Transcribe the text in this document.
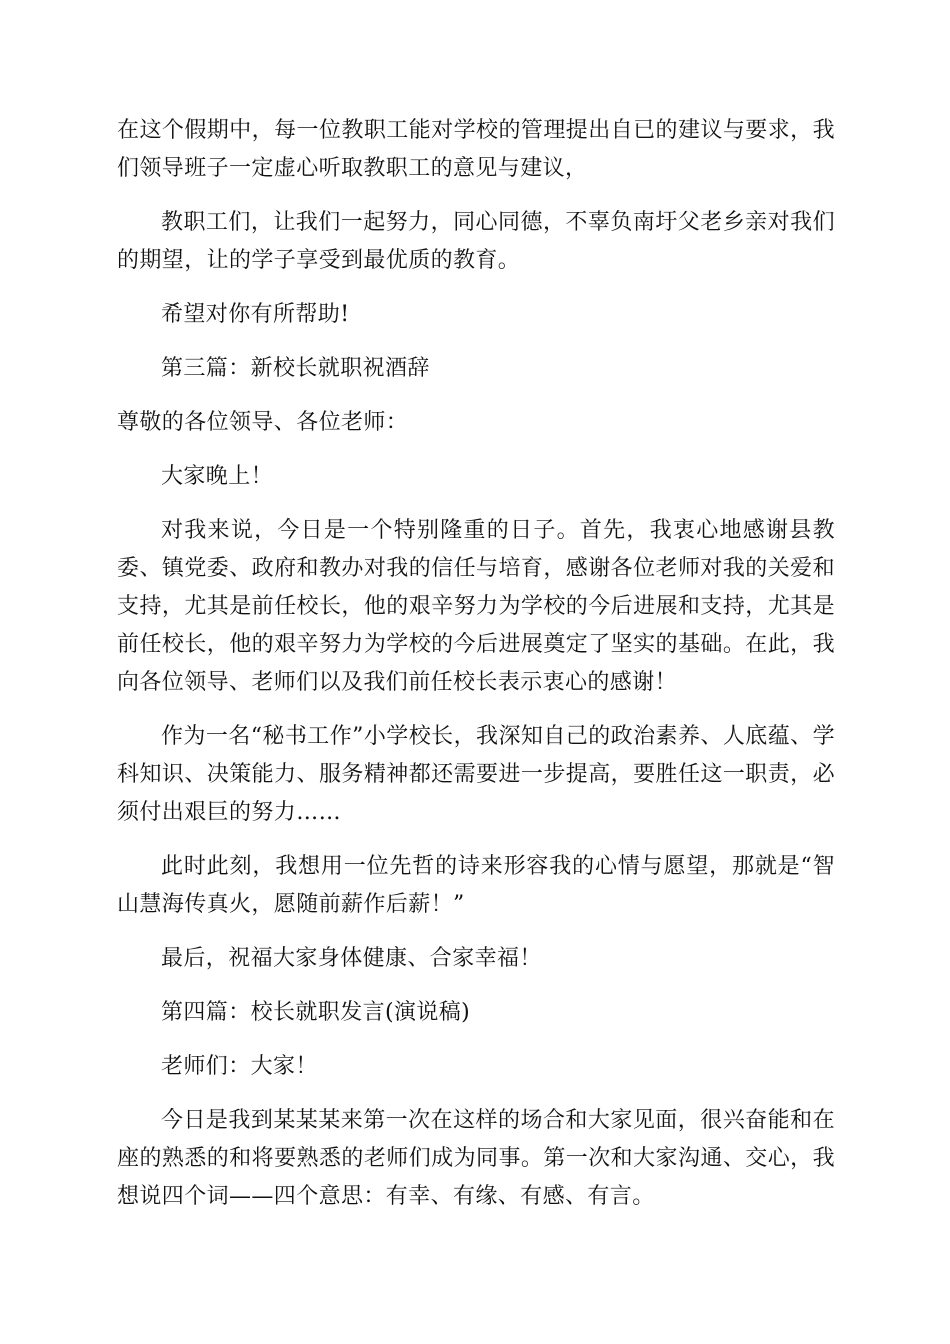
在这个假期中，每一位教职工能对学校的管理提出自已的建议与要求，我们领导班子一定虚心听取教职工的意见与建议，

教职工们，让我们一起努力，同心同德，不辜负南圩父老乡亲对我们的期望，让的学子享受到最优质的教育。

希望对你有所帮助!

第三篇：新校长就职祝酒辞

尊敬的各位领导、各位老师：

大家晚上！

对我来说，今日是一个特别隆重的日子。首先，我衷心地感谢县教委、镇党委、政府和教办对我的信任与培育，感谢各位老师对我的关爱和支持，尤其是前任校长，他的艰辛努力为学校的今后进展和支持，尤其是前任校长，他的艰辛努力为学校的今后进展奠定了坚实的基础。在此，我向各位领导、老师们以及我们前任校长表示衷心的感谢！

作为一名“秘书工作”小学校长，我深知自己的政治素养、人底蕴、学科知识、决策能力、服务精神都还需要进一步提高，要胜任这一职责，必须付出艰巨的努力……

此时此刻，我想用一位先哲的诗来形容我的心情与愿望，那就是“智山慧海传真火，愿随前薪作后薪！”

最后，祝福大家身体健康、合家幸福！

第四篇：校长就职发言(演说稿)

老师们：大家！

今日是我到某某某来第一次在这样的场合和大家见面，很兴奋能和在座的熟悉的和将要熟悉的老师们成为同事。第一次和大家沟通、交心，我想说四个词——四个意思：有幸、有缘、有感、有言。
